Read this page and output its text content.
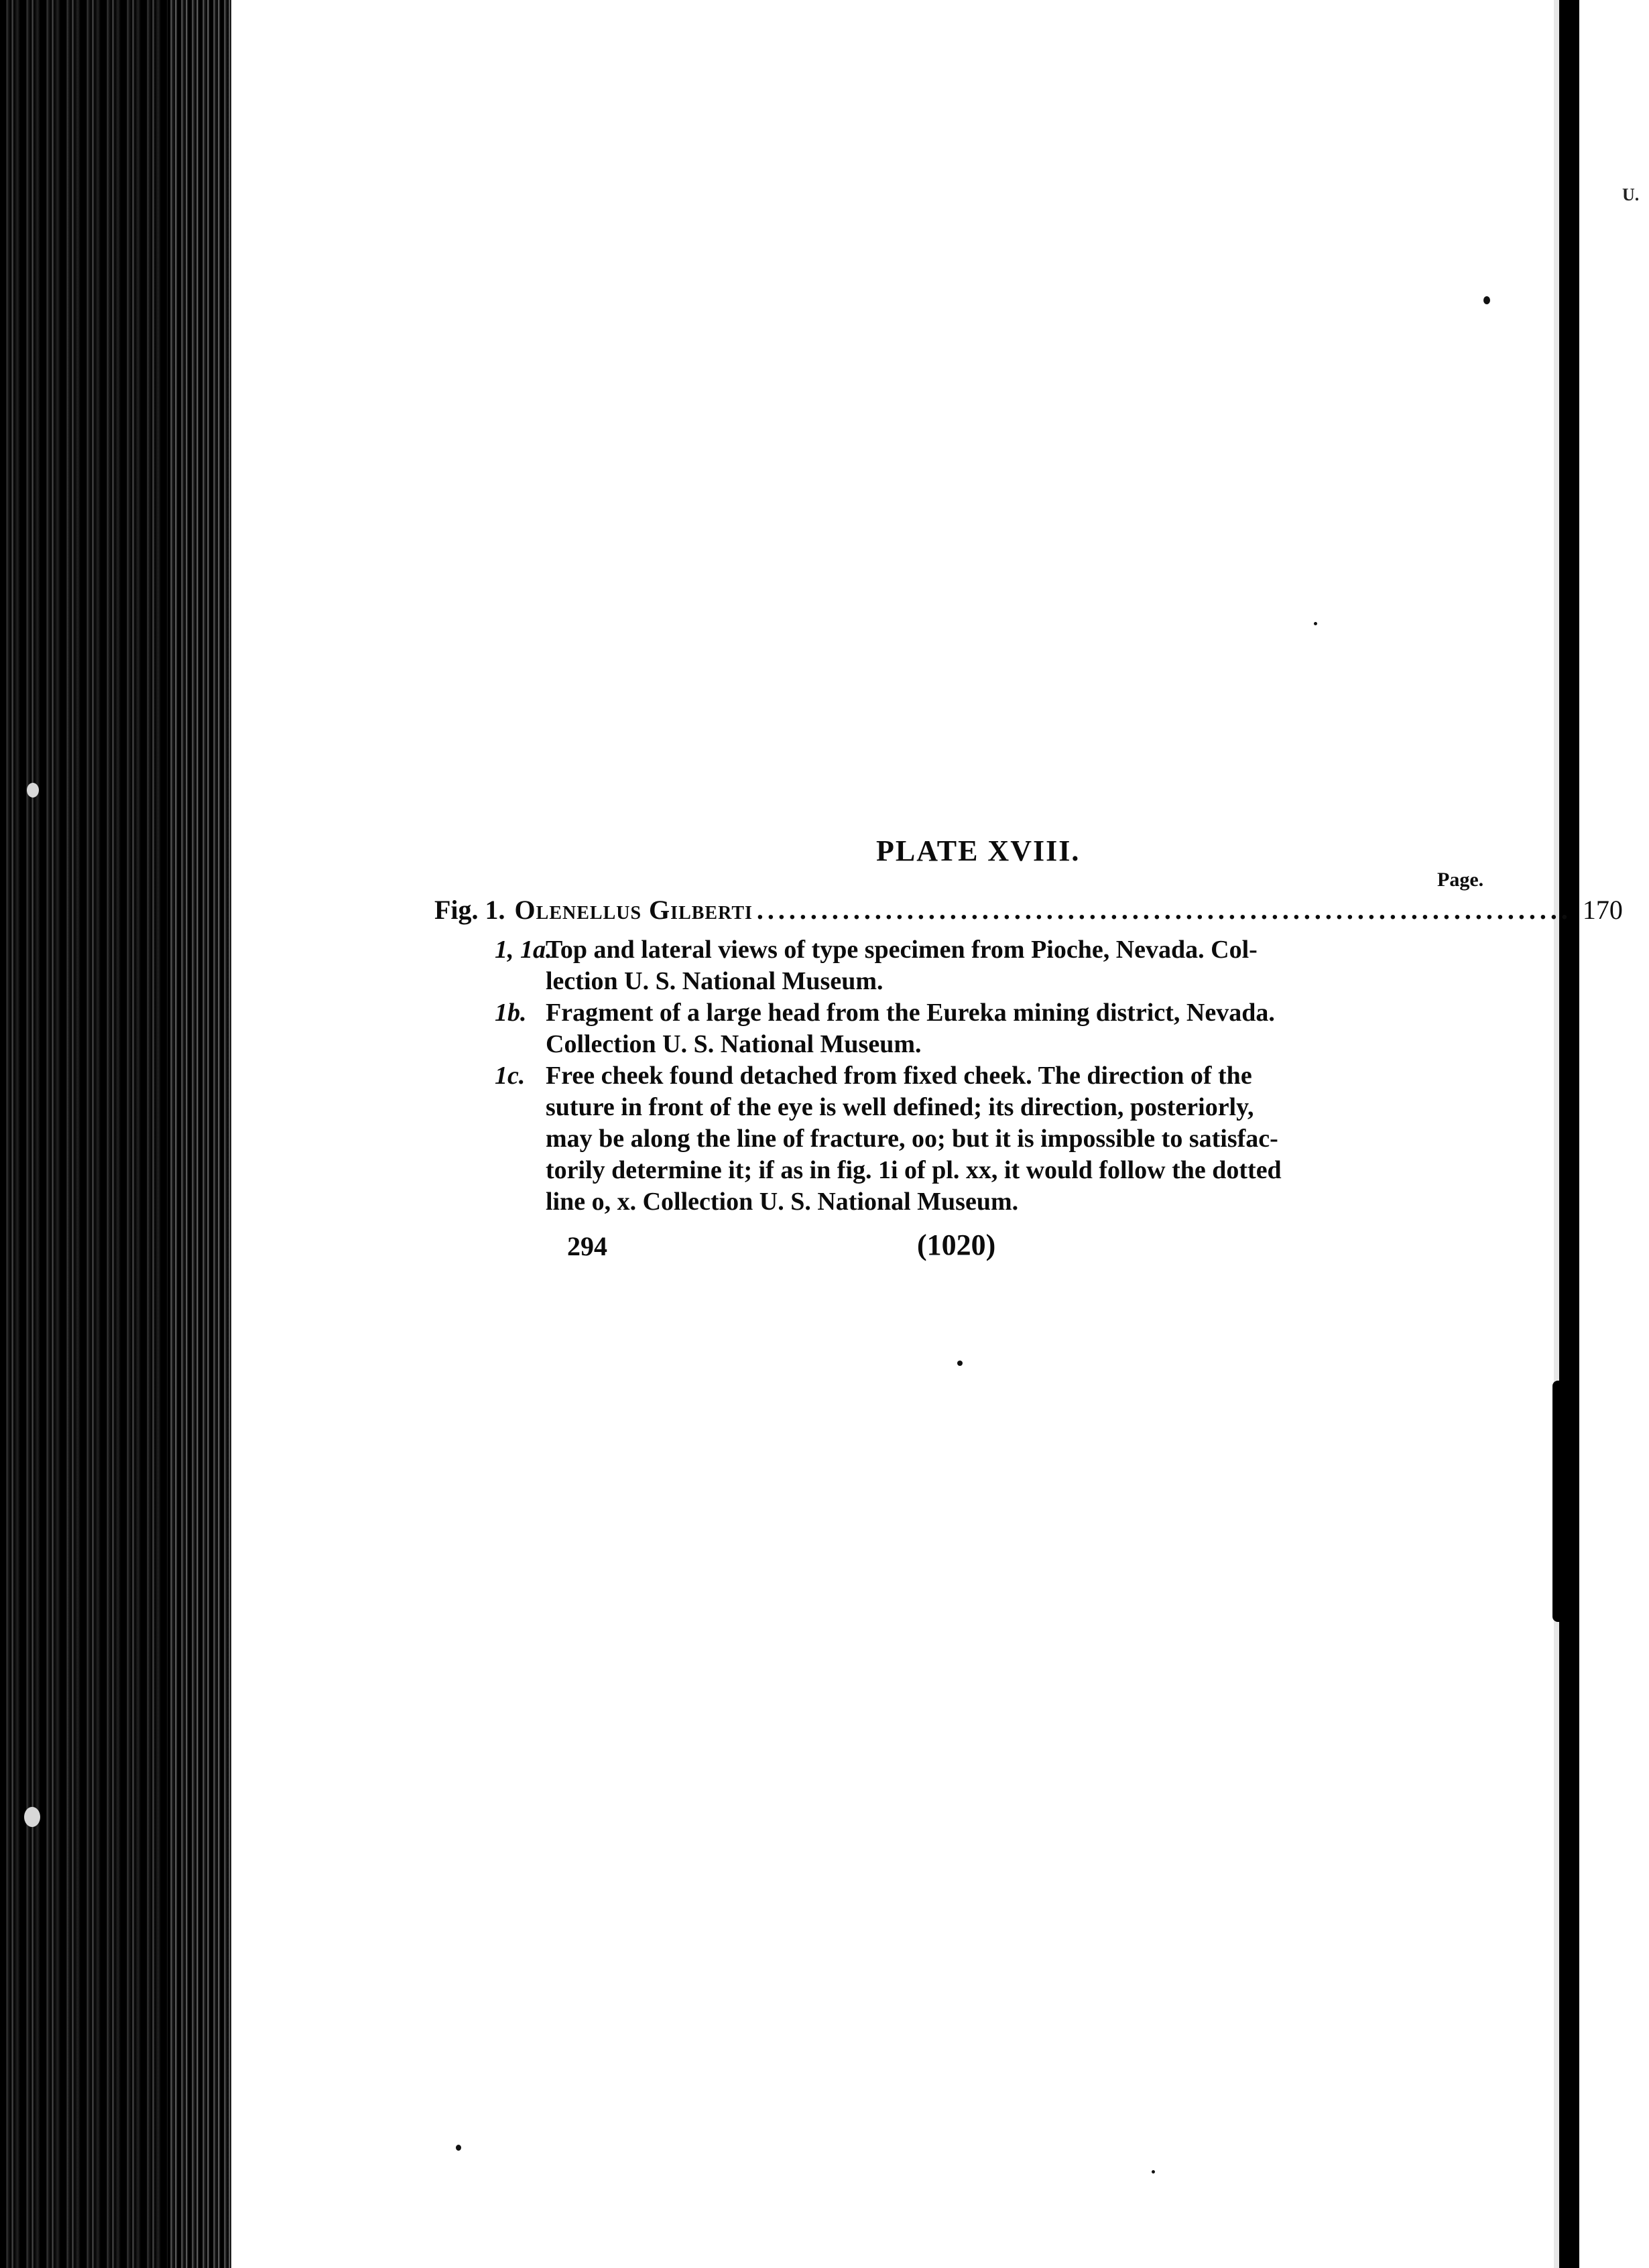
U.
PLATE XVIII.
Page.
Fig. 1. Olenellus Gilberti ............................................................................ 170
1, 1a.Top and lateral views of type specimen from Pioche, Nevada. Col-
lection U. S. National Museum.
1b. Fragment of a large head from the Eureka mining district, Nevada.
Collection U. S. National Museum.
1c. Free cheek found detached from fixed cheek. The direction of the
suture in front of the eye is well defined; its direction, posteriorly,
may be along the line of fracture, oo; but it is impossible to satisfac-
torily determine it; if as in fig. 1i of pl. xx, it would follow the dotted
line o, x. Collection U. S. National Museum.
294	(1020)
